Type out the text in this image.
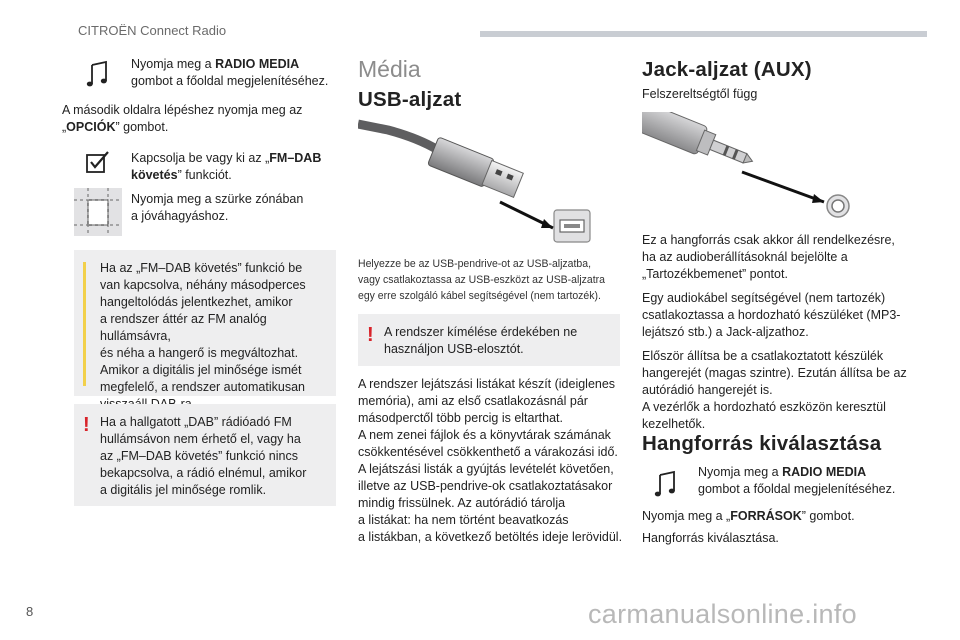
CITROËN Connect Radio
Nyomja meg a RADIO MEDIA
gombot a főoldal megjelenítéséhez.
A második oldalra lépéshez nyomja meg az
„OPCIÓK” gombot.
Kapcsolja be vagy ki az „FM–DAB
követés” funkciót.
Nyomja meg a szürke zónában
a jóváhagyáshoz.
Ha az „FM–DAB követés” funkció be
van kapcsolva, néhány másodperces
hangeltolódás jelentkezhet, amikor
a rendszer áttér az FM analóg hullámsávra,
és néha a hangerő is megváltozhat.
Amikor a digitális jel minősége ismét
megfelelő, a rendszer automatikusan
! Ha a hallgatott „DAB” rádióadó FM
hullámsávon nem érhető el, vagy ha
az „FM–DAB követés” funkció nincs
bekapcsolva, a rádió elnémul, amikor
a digitális jel minősége romlik.
Média
USB-aljzat
Helyezze be az USB-pendrive-ot az USB-aljzatba,
vagy csatlakoztassa az USB-eszközt az USB-aljzatra
egy erre szolgáló kábel segítségével (nem tartozék).
! A rendszer kímélése érdekében ne
használjon USB-elosztót.
A rendszer lejátszási listákat készít (ideiglenes
memória), ami az első csatlakozásnál pár
másodperctől több percig is eltarthat.
A nem zenei fájlok és a könyvtárak számának
csökkentésével csökkenthető a várakozási idő.
A lejátszási listák a gyújtás levételét követően,
illetve az USB-pendrive-ok csatlakoztatásakor
mindig frissülnek. Az autórádió tárolja
a listákat: ha nem történt beavatkozás
a listákban, a következő betöltés ideje lerövidül.
Jack-aljzat (AUX)
Felszereltségtől függ
Ez a hangforrás csak akkor áll rendelkezésre,
ha az audioberállításoknál bejelölte a
„Tartozékbemenet” pontot.
Egy audiokábel segítségével (nem tartozék)
csatlakoztassa a hordozható készüléket (MP3-
lejátszó stb.) a Jack-aljzathoz.
Először állítsa be a csatlakoztatott készülék
hangerejét (magas szintre). Ezután állítsa be az
autórádió hangerejét is.
A vezérlők a hordozható eszközön keresztül
kezelhetők.
Hangforrás kiválasztása
Nyomja meg a RADIO MEDIA
gombot a főoldal megjelenítéséhez.
Nyomja meg a „FORRÁSOK” gombot.
Hangforrás kiválasztása.
8	carmanualsonline.info
